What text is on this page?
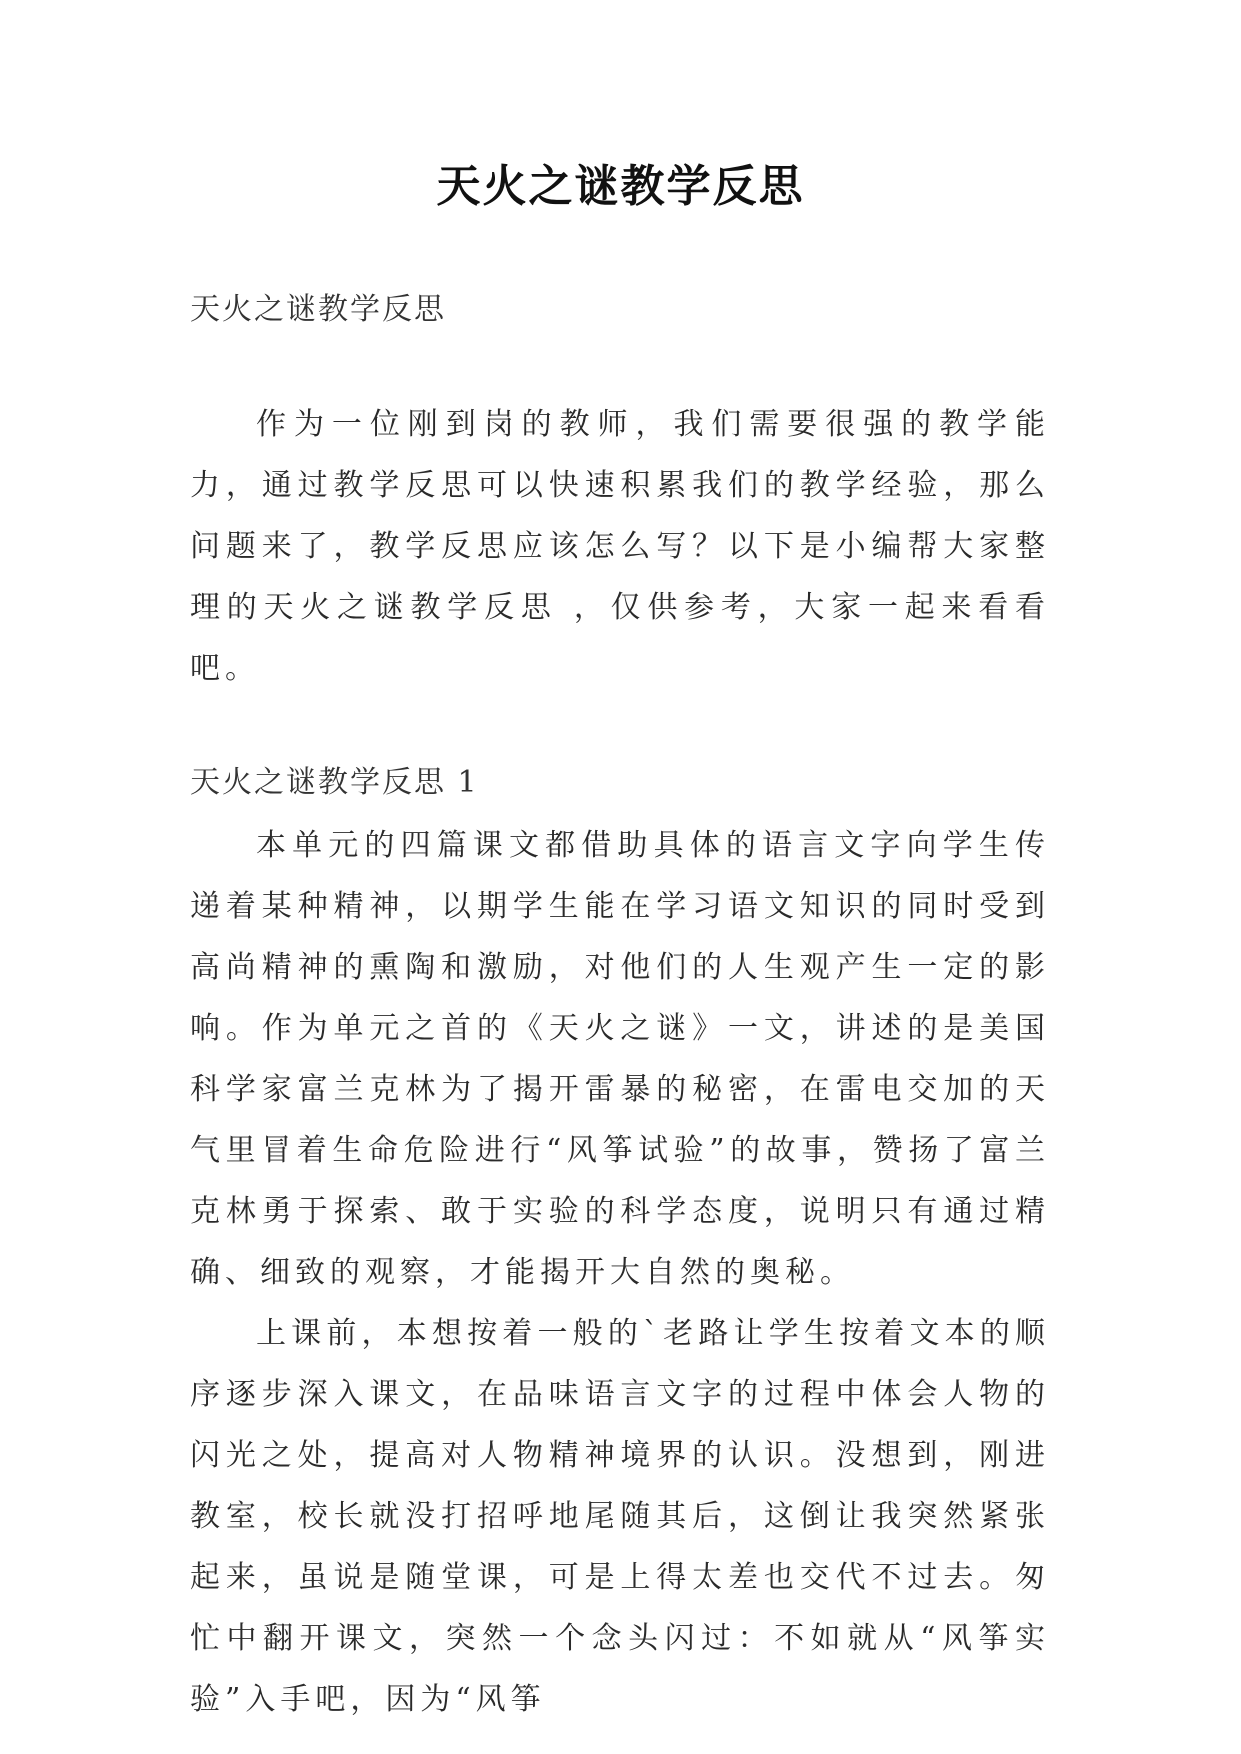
天火之谜教学反思

天火之谜教学反思

作为一位刚到岗的教师，我们需要很强的教学能力，通过教学反思可以快速积累我们的教学经验，那么问题来了，教学反思应该怎么写？以下是小编帮大家整理的天火之谜教学反思 ，仅供参考，大家一起来看看吧。

天火之谜教学反思 1

本单元的四篇课文都借助具体的语言文字向学生传递着某种精神，以期学生能在学习语文知识的同时受到高尚精神的熏陶和激励，对他们的人生观产生一定的影响。作为单元之首的《天火之谜》一文，讲述的是美国科学家富兰克林为了揭开雷暴的秘密，在雷电交加的天气里冒着生命危险进行“风筝试验”的故事，赞扬了富兰克林勇于探索、敢于实验的科学态度，说明只有通过精确、细致的观察，才能揭开大自然的奥秘。

上课前，本想按着一般的`老路让学生按着文本的顺序逐步深入课文，在品味语言文字的过程中体会人物的闪光之处，提高对人物精神境界的认识。没想到，刚进教室，校长就没打招呼地尾随其后，这倒让我突然紧张起来，虽说是随堂课，可是上得太差也交代不过去。匆忙中翻开课文，突然一个念头闪过：不如就从“风筝实验”入手吧，因为“风筝
